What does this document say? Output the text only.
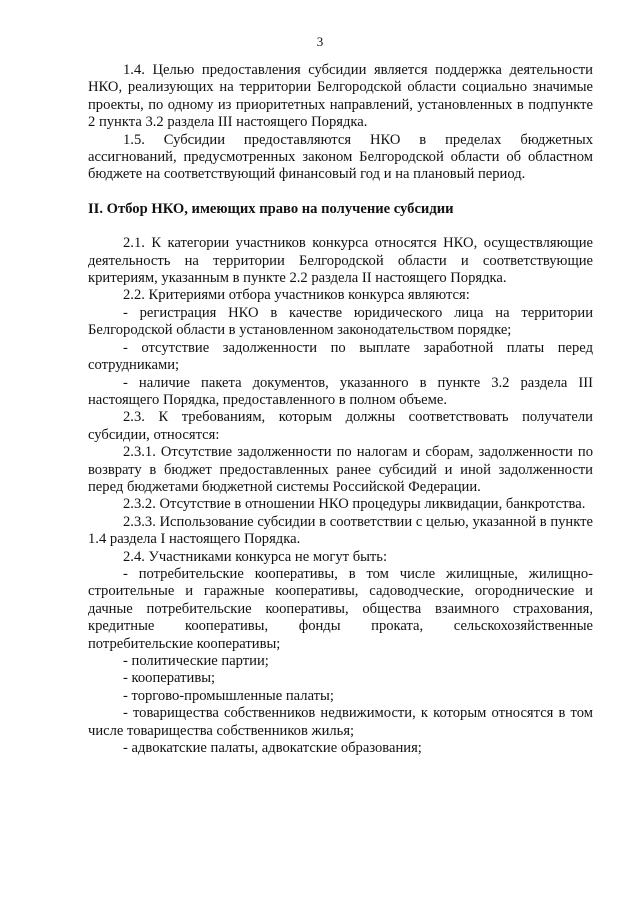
3

1.4. Целью предоставления субсидии является поддержка деятельности НКО, реализующих на территории Белгородской области социально значимые проекты, по одному из приоритетных направлений, установленных в подпункте 2 пункта 3.2 раздела III настоящего Порядка.

1.5. Субсидии предоставляются НКО в пределах бюджетных ассигнований, предусмотренных законом Белгородской области об областном бюджете на соответствующий финансовый год и на плановый период.

II. Отбор НКО, имеющих право на получение субсидии

2.1. К категории участников конкурса относятся НКО, осуществляющие деятельность на территории Белгородской области и соответствующие критериям, указанным в пункте 2.2 раздела II настоящего Порядка.

2.2. Критериями отбора участников конкурса являются:

- регистрация НКО в качестве юридического лица на территории Белгородской области в установленном законодательством порядке;

- отсутствие задолженности по выплате заработной платы перед сотрудниками;

- наличие пакета документов, указанного в пункте 3.2 раздела III настоящего Порядка, предоставленного в полном объеме.

2.3. К требованиям, которым должны соответствовать получатели субсидии, относятся:

2.3.1. Отсутствие задолженности по налогам и сборам, задолженности по возврату в бюджет предоставленных ранее субсидий и иной задолженности перед бюджетами бюджетной системы Российской Федерации.

2.3.2. Отсутствие в отношении НКО процедуры ликвидации, банкротства.

2.3.3. Использование субсидии в соответствии с целью, указанной в пункте 1.4 раздела I настоящего Порядка.

2.4. Участниками конкурса не могут быть:

- потребительские кооперативы, в том числе жилищные, жилищно-строительные и гаражные кооперативы, садоводческие, огороднические и дачные потребительские кооперативы, общества взаимного страхования, кредитные кооперативы, фонды проката, сельскохозяйственные потребительские кооперативы;

- политические партии;

- кооперативы;

- торгово-промышленные палаты;

- товарищества собственников недвижимости, к которым относятся в том числе товарищества собственников жилья;

- адвокатские палаты, адвокатские образования;
